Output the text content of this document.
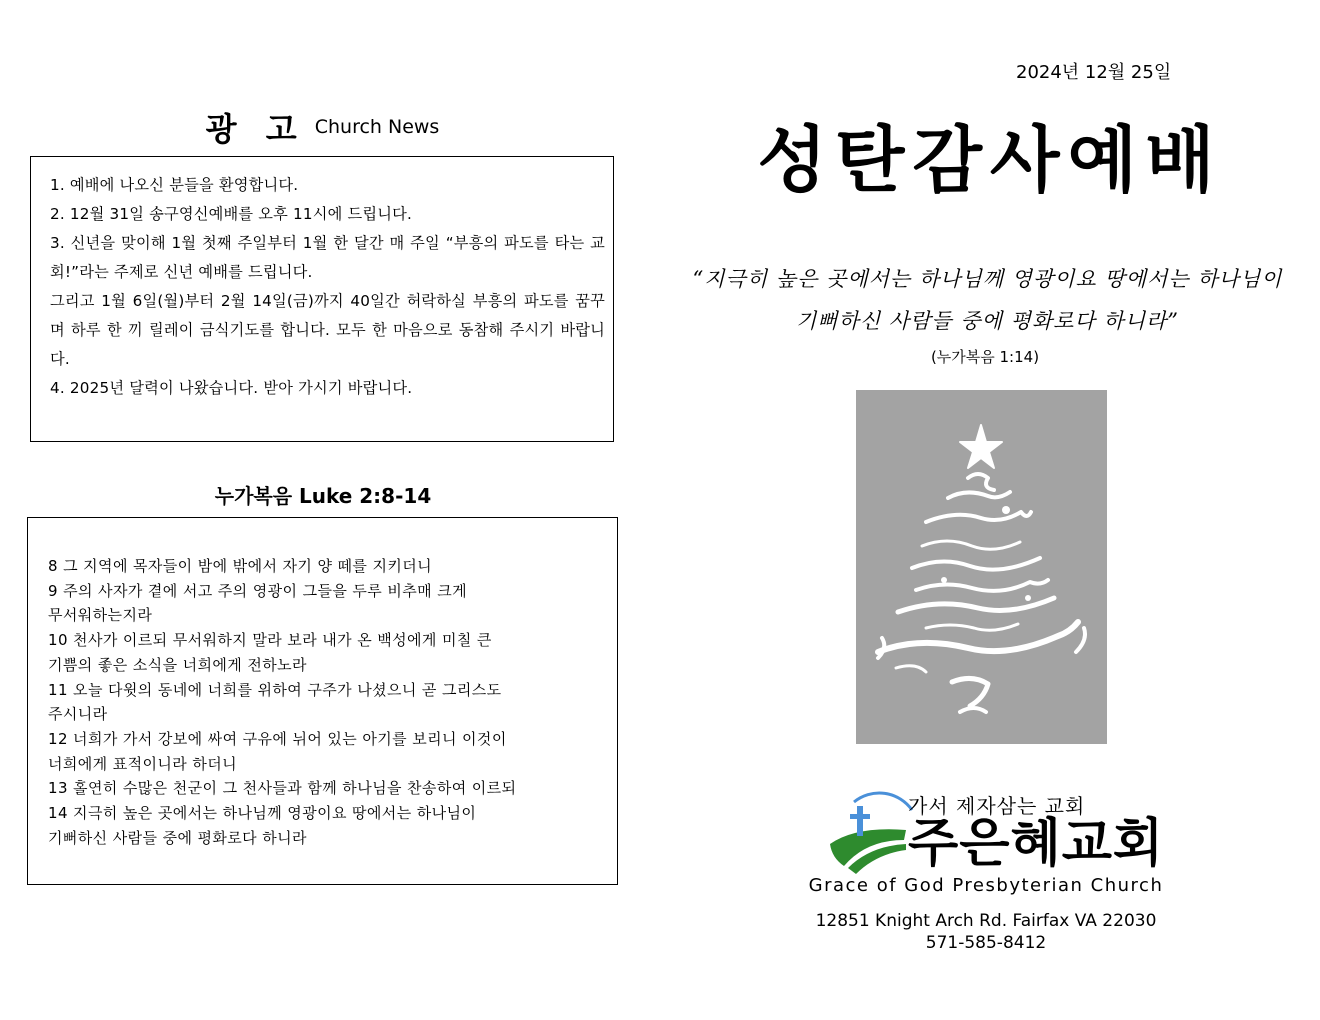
광 고 Church News

1. 예배에 나오신 분들을 환영합니다.

2. 12월 31일 송구영신예배를 오후 11시에 드립니다.

3. 신년을 맞이해 1월 첫째 주일부터 1월 한 달간 매 주일 “부흥의 파도를 타는 교회!”라는 주제로 신년 예배를 드립니다.

그리고 1월 6일(월)부터 2월 14일(금)까지 40일간 허락하실 부흥의 파도를 꿈꾸며 하루 한 끼 릴레이 금식기도를 합니다. 모두 한 마음으로 동참해 주시기 바랍니다.

4. 2025년 달력이 나왔습니다. 받아 가시기 바랍니다.

누가복음 Luke 2:8-14
8 그 지역에 목자들이 밤에 밖에서 자기 양 떼를 지키더니
9 주의 사자가 곁에 서고 주의 영광이 그들을 두루 비추매 크게
무서워하는지라
10 천사가 이르되 무서워하지 말라 보라 내가 온 백성에게 미칠 큰
기쁨의 좋은 소식을 너희에게 전하노라
11 오늘 다윗의 동네에 너희를 위하여 구주가 나셨으니 곧 그리스도
주시니라
12 너희가 가서 강보에 싸여 구유에 뉘어 있는 아기를 보리니 이것이
너희에게 표적이니라 하더니
13 홀연히 수많은 천군이 그 천사들과 함께 하나님을 찬송하여 이르되
14 지극히 높은 곳에서는 하나님께 영광이요 땅에서는 하나님이
기뻐하신 사람들 중에 평화로다 하니라
2024년 12월 25일
성탄감사예배
“지극히 높은 곳에서는 하나님께 영광이요 땅에서는 하나님이
기뻐하신 사람들 중에 평화로다 하니라”
(누가복음 1:14)
가서 제자삼는 교회
주은혜교회
Grace of God Presbyterian Church
12851 Knight Arch Rd. Fairfax VA 22030
571-585-8412
